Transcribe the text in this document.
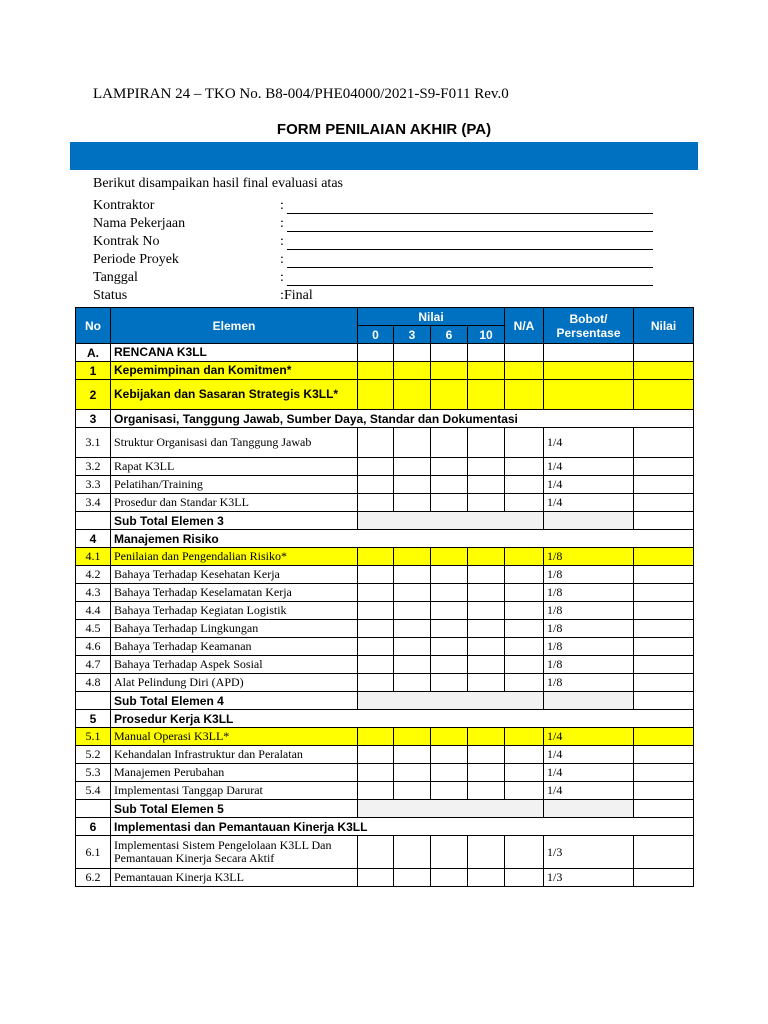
LAMPIRAN 24 – TKO No. B8-004/PHE04000/2021-S9-F011 Rev.0
FORM PENILAIAN AKHIR (PA)
Berikut disampaikan hasil final evaluasi atas
Kontraktor	:
Nama Pekerjaan	:
Kontrak No	:
Periode Proyek	:
Tanggal	:
Status	: Final
No	Elemen	Nilai				N/A	Bobot/ Persentase	Nilai
		0	3	6	10			
A.	RENCANA K3LL							
1	Kepemimpinan dan Komitmen*							
2	Kebijakan dan Sasaran Strategis K3LL*							
3	Organisasi, Tanggung Jawab, Sumber Daya, Standar dan Dokumentasi							
3.1	Struktur Organisasi dan Tanggung Jawab						1/4	
3.2	Rapat K3LL						1/4	
3.3	Pelatihan/Training						1/4	
3.4	Prosedur dan Standar K3LL						1/4	
	Sub Total Elemen 3							
4	Manajemen Risiko							
4.1	Penilaian dan Pengendalian Risiko*						1/8	
4.2	Bahaya Terhadap Kesehatan Kerja						1/8	
4.3	Bahaya Terhadap Keselamatan Kerja						1/8	
4.4	Bahaya Terhadap Kegiatan Logistik						1/8	
4.5	Bahaya Terhadap Lingkungan						1/8	
4.6	Bahaya Terhadap Keamanan						1/8	
4.7	Bahaya Terhadap Aspek Sosial						1/8	
4.8	Alat Pelindung Diri (APD)						1/8	
	Sub Total Elemen 4							
5	Prosedur Kerja K3LL							
5.1	Manual Operasi K3LL*						1/4	
5.2	Kehandalan Infrastruktur dan Peralatan						1/4	
5.3	Manajemen Perubahan						1/4	
5.4	Implementasi Tanggap Darurat						1/4	
	Sub Total Elemen 5							
6	Implementasi dan Pemantauan Kinerja K3LL							
6.1	Implementasi Sistem Pengelolaan K3LL Dan Pemantauan Kinerja Secara Aktif						1/3	
6.2	Pemantauan Kinerja K3LL						1/3	
